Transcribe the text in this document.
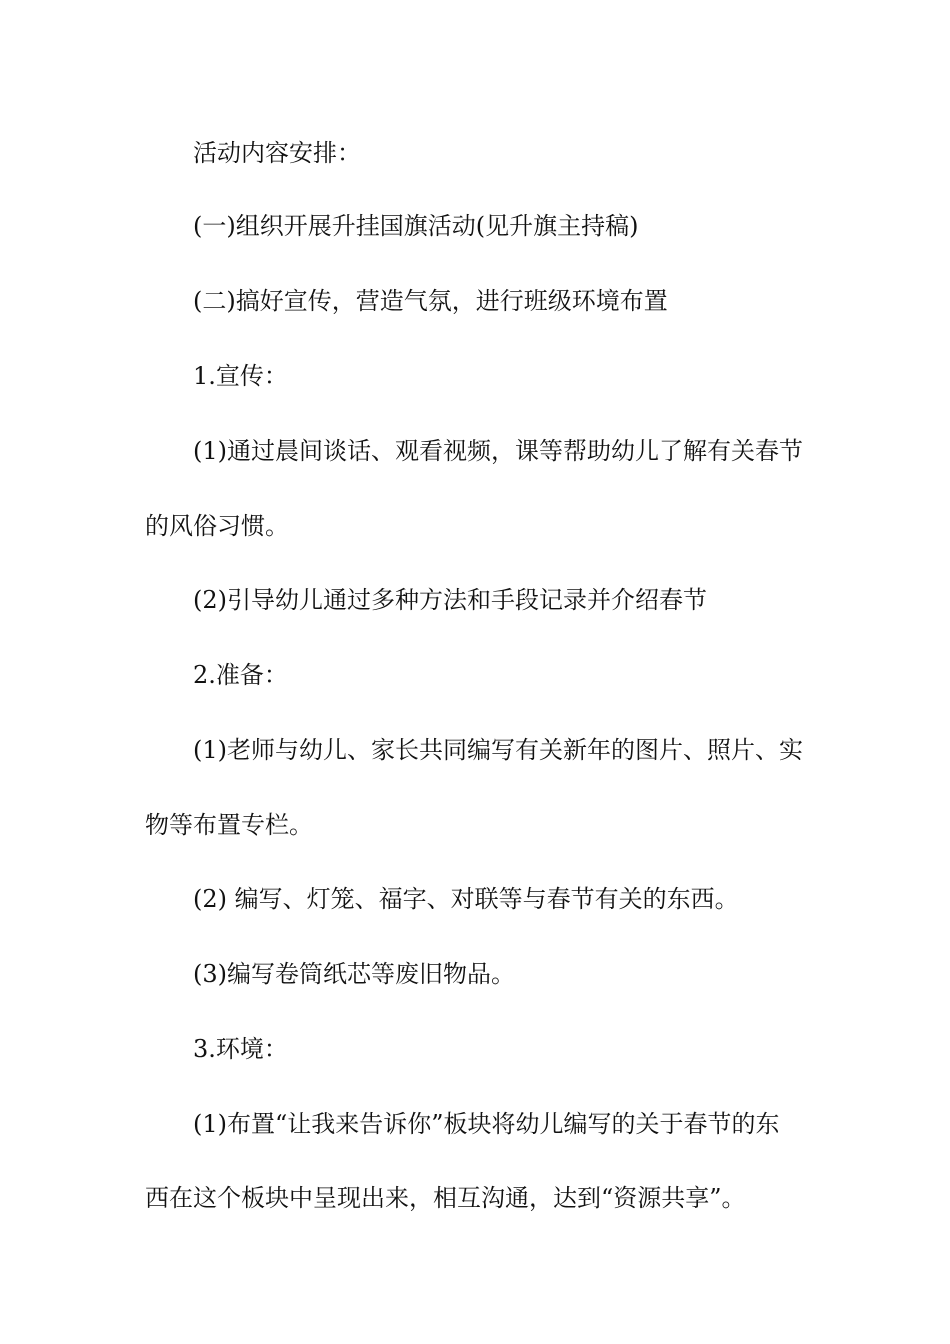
活动内容安排：
(一)组织开展升挂国旗活动(见升旗主持稿)
(二)搞好宣传，营造气氛，进行班级环境布置
1.宣传：
(1)通过晨间谈话、观看视频，课等帮助幼儿了解有关春节
的风俗习惯。
(2)引导幼儿通过多种方法和手段记录并介绍春节
2.准备：
(1)老师与幼儿、家长共同编写有关新年的图片、照片、实
物等布置专栏。
(2) 编写、灯笼、福字、对联等与春节有关的东西。
(3)编写卷筒纸芯等废旧物品。
3.环境：
(1)布置“让我来告诉你”板块将幼儿编写的关于春节的东
西在这个板块中呈现出来，相互沟通，达到“资源共享”。
